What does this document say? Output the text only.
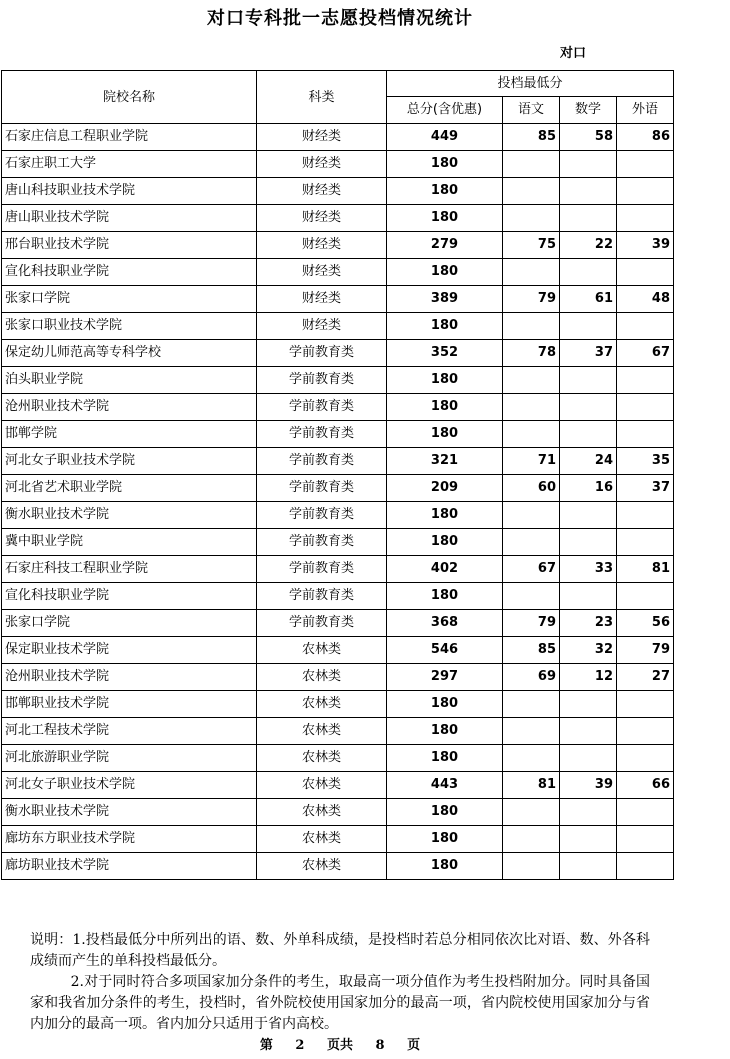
对口专科批一志愿投档情况统计
对口
院校名称	科类	投档最低分			
		总分(含优惠)	语文	数学	外语
石家庄信息工程职业学院	财经类	449	85	58	86
石家庄职工大学	财经类	180			
唐山科技职业技术学院	财经类	180			
唐山职业技术学院	财经类	180			
邢台职业技术学院	财经类	279	75	22	39
宣化科技职业学院	财经类	180			
张家口学院	财经类	389	79	61	48
张家口职业技术学院	财经类	180			
保定幼儿师范高等专科学校	学前教育类	352	78	37	67
泊头职业学院	学前教育类	180			
沧州职业技术学院	学前教育类	180			
邯郸学院	学前教育类	180			
河北女子职业技术学院	学前教育类	321	71	24	35
河北省艺术职业学院	学前教育类	209	60	16	37
衡水职业技术学院	学前教育类	180			
冀中职业学院	学前教育类	180			
石家庄科技工程职业学院	学前教育类	402	67	33	81
宣化科技职业学院	学前教育类	180			
张家口学院	学前教育类	368	79	23	56
保定职业技术学院	农林类	546	85	32	79
沧州职业技术学院	农林类	297	69	12	27
邯郸职业技术学院	农林类	180			
河北工程技术学院	农林类	180			
河北旅游职业学院	农林类	180			
河北女子职业技术学院	农林类	443	81	39	66
衡水职业技术学院	农林类	180			
廊坊东方职业技术学院	农林类	180			
廊坊职业技术学院	农林类	180			

说明：1.投档最低分中所列出的语、数、外单科成绩，是投档时若总分相同依次比对语、数、外各科成绩而产生的单科投档最低分。

2.对于同时符合多项国家加分条件的考生，取最高一项分值作为考生投档附加分。同时具备国家和我省加分条件的考生，投档时，省外院校使用国家加分的最高一项，省内院校使用国家加分与省内加分的最高一项。省内加分只适用于省内高校。

第 2 页共 8 页
